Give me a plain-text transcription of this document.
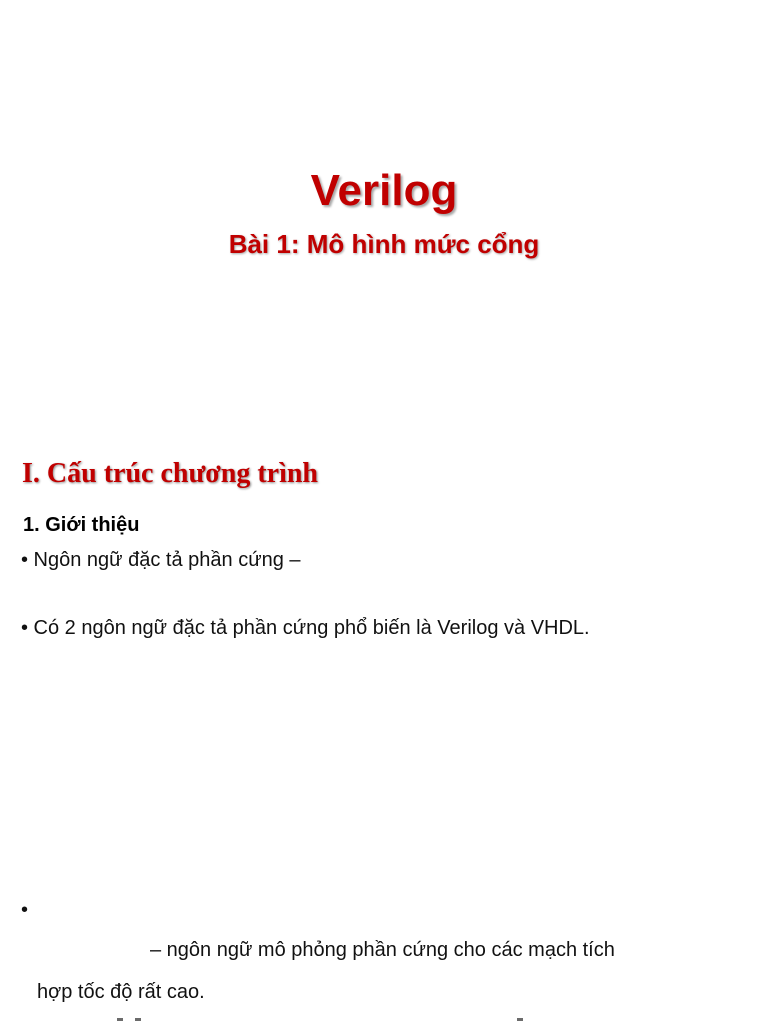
Verilog
Bài 1: Mô hình mức cổng
I. Cấu trúc chương trình
1. Giới thiệu
• Ngôn ngữ đặc tả phần cứng –
• Có 2 ngôn ngữ đặc tả phần cứng phổ biến là Verilog và VHDL.
•
– ngôn ngữ mô phỏng phần cứng cho các mạch tích
hợp tốc độ rất cao.
